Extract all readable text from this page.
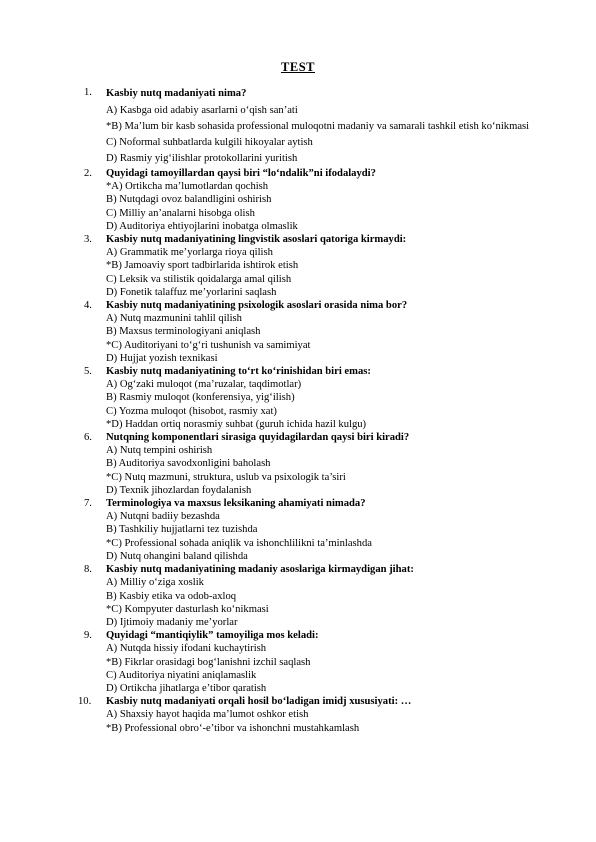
TEST
1.	Kasbiy nutq madaniyati nima?
A) Kasbga oid adabiy asarlarni o‘qish san’ati
*B) Ma’lum bir kasb sohasida professional muloqotni madaniy va samarali tashkil etish ko‘nikmasi
C) Noformal suhbatlarda kulgili hikoyalar aytish
D) Rasmiy yig‘ilishlar protokollarini yuritish
2.	Quyidagi tamoyillardan qaysi biri “lo‘ndalik”ni ifodalaydi?
*A) Ortikcha ma’lumotlardan qochish
B) Nutqdagi ovoz balandligini oshirish
C) Milliy an’analarni hisobga olish
D) Auditoriya ehtiyojlarini inobatga olmaslik
3.	Kasbiy nutq madaniyatining lingvistik asoslari qatoriga kirmaydi:
A) Grammatik me’yorlarga rioya qilish
*B) Jamoaviy sport tadbirlarida ishtirok etish
C) Leksik va stilistik qoidalarga amal qilish
D) Fonetik talaffuz me’yorlarini saqlash
4.	Kasbiy nutq madaniyatining psixologik asoslari orasida nima bor?
A) Nutq mazmunini tahlil qilish
B) Maxsus terminologiyani aniqlash
*C) Auditoriyani to‘g‘ri tushunish va samimiyat
D) Hujjat yozish texnikasi
5.	Kasbiy nutq madaniyatining to‘rt ko‘rinishidan biri emas:
A) Og‘zaki muloqot (ma’ruzalar, taqdimotlar)
B) Rasmiy muloqot (konferensiya, yig‘ilish)
C) Yozma muloqot (hisobot, rasmiy xat)
*D) Haddan ortiq norasmiy suhbat (guruh ichida hazil kulgu)
6.	Nutqning komponentlari sirasiga quyidagilardan qaysi biri kiradi?
A) Nutq tempini oshirish
B) Auditoriya savodxonligini baholash
*C) Nutq mazmuni, struktura, uslub va psixologik ta’siri
D) Texnik jihozlardan foydalanish
7.	Terminologiya va maxsus leksikaning ahamiyati nimada?
A) Nutqni badiiy bezashda
B) Tashkiliy hujjatlarni tez tuzishda
*C) Professional sohada aniqlik va ishonchlilikni ta’minlashda
D) Nutq ohangini baland qilishda
8.	Kasbiy nutq madaniyatining madaniy asoslariga kirmaydigan jihat:
A) Milliy o‘ziga xoslik
B) Kasbiy etika va odob-axloq
*C) Kompyuter dasturlash ko‘nikmasi
D) Ijtimoiy madaniy me’yorlar
9.	Quyidagi “mantiqiylik” tamoyiliga mos keladi:
A) Nutqda hissiy ifodani kuchaytirish
*B) Fikrlar orasidagi bog‘lanishni izchil saqlash
C) Auditoriya niyatini aniqlamaslik
D) Ortikcha jihatlarga e’tibor qaratish
10.	Kasbiy nutq madaniyati orqali hosil bo‘ladigan imidj xususiyati: …
A) Shaxsiy hayot haqida ma’lumot oshkor etish
*B) Professional obro‘-e’tibor va ishonchni mustahkamlash
